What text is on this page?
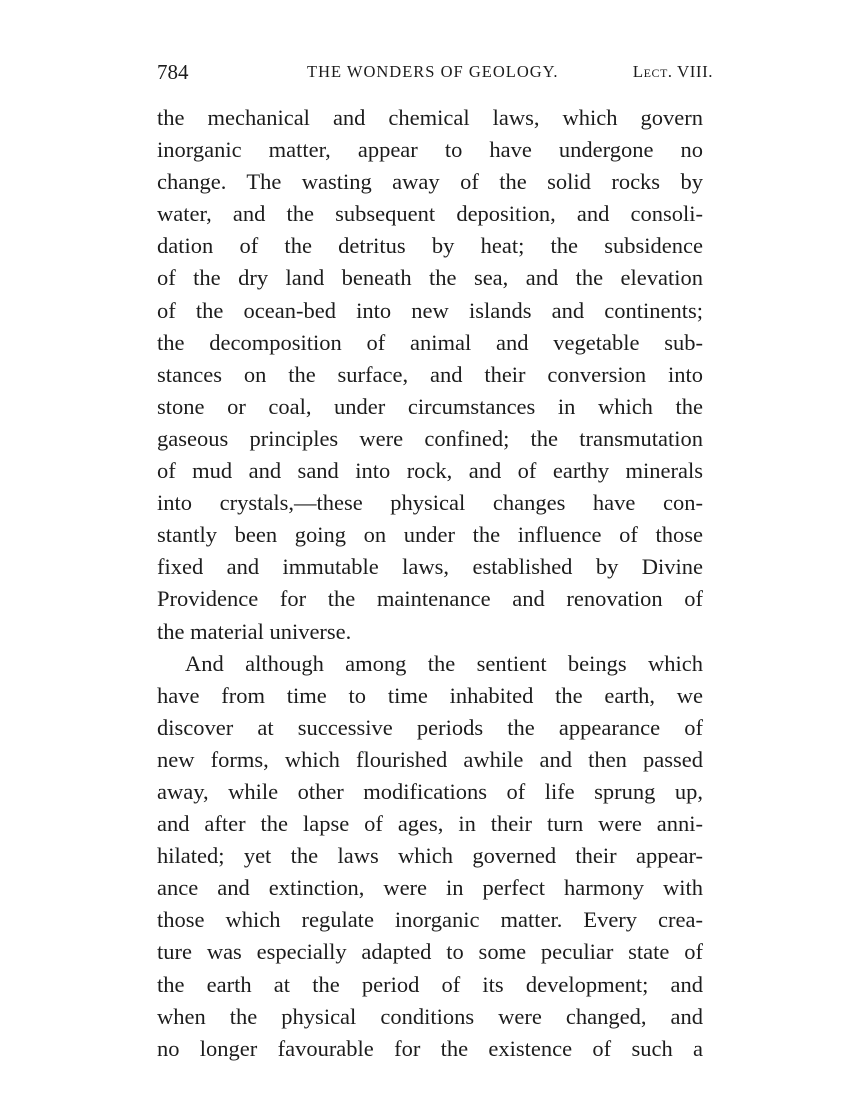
784	THE WONDERS OF GEOLOGY.	Lect. VIII.
the mechanical and chemical laws, which govern
inorganic matter, appear to have undergone no
change. The wasting away of the solid rocks by
water, and the subsequent deposition, and consoli-
dation of the detritus by heat; the subsidence
of the dry land beneath the sea, and the elevation
of the ocean-bed into new islands and continents;
the decomposition of animal and vegetable sub-
stances on the surface, and their conversion into
stone or coal, under circumstances in which the
gaseous principles were confined; the transmutation
of mud and sand into rock, and of earthy minerals
into crystals,—these physical changes have con-
stantly been going on under the influence of those
fixed and immutable laws, established by Divine
Providence for the maintenance and renovation of
the material universe.
And although among the sentient beings which
have from time to time inhabited the earth, we
discover at successive periods the appearance of
new forms, which flourished awhile and then passed
away, while other modifications of life sprung up,
and after the lapse of ages, in their turn were anni-
hilated; yet the laws which governed their appear-
ance and extinction, were in perfect harmony with
those which regulate inorganic matter. Every crea-
ture was especially adapted to some peculiar state of
the earth at the period of its development; and
when the physical conditions were changed, and
no longer favourable for the existence of such a
